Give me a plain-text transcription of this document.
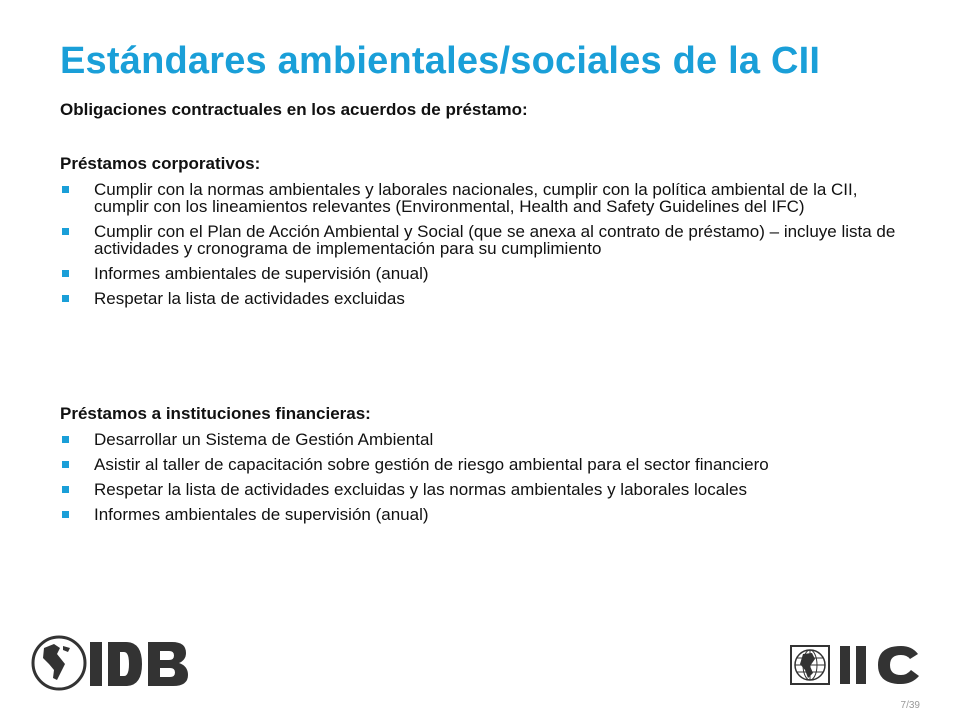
Estándares ambientales/sociales de la CII
Obligaciones contractuales en los acuerdos de préstamo:
Préstamos corporativos:
Cumplir con la normas ambientales y laborales nacionales, cumplir con la política ambiental de la CII, cumplir con los lineamientos relevantes (Environmental, Health and Safety Guidelines del IFC)
Cumplir con el Plan de Acción Ambiental y Social (que se anexa al contrato de préstamo) – incluye lista de actividades y cronograma de implementación para su cumplimiento
Informes ambientales de supervisión (anual)
Respetar la lista de actividades excluidas
Préstamos a instituciones financieras:
Desarrollar un Sistema de Gestión Ambiental
Asistir al taller de capacitación sobre gestión de riesgo ambiental para el sector financiero
Respetar la lista de actividades excluidas y las normas ambientales y laborales locales
Informes ambientales de supervisión (anual)
7/39
